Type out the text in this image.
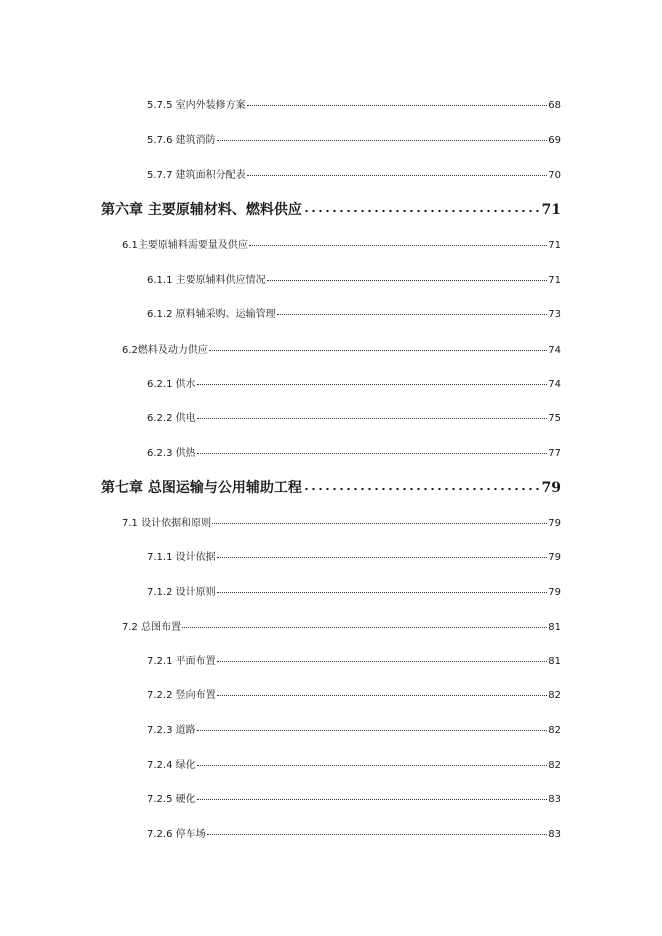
5.7.5 室内外装修方案	68
5.7.6 建筑消防	69
5.7.7 建筑面积分配表	70
第六章 主要原辅材料、燃料供应	71
6.1主要原辅料需要量及供应	71
6.1.1 主要原辅料供应情况	71
6.1.2 原料辅采购、运输管理	73
6.2燃料及动力供应	74
6.2.1 供水	74
6.2.2 供电	75
6.2.3 供热	77
第七章 总图运输与公用辅助工程	79
7.1 设计依据和原则	79
7.1.1 设计依据	79
7.1.2 设计原则	79
7.2 总图布置	81
7.2.1 平面布置	81
7.2.2 竖向布置	82
7.2.3 道路	82
7.2.4 绿化	82
7.2.5 硬化	83
7.2.6 停车场	83
